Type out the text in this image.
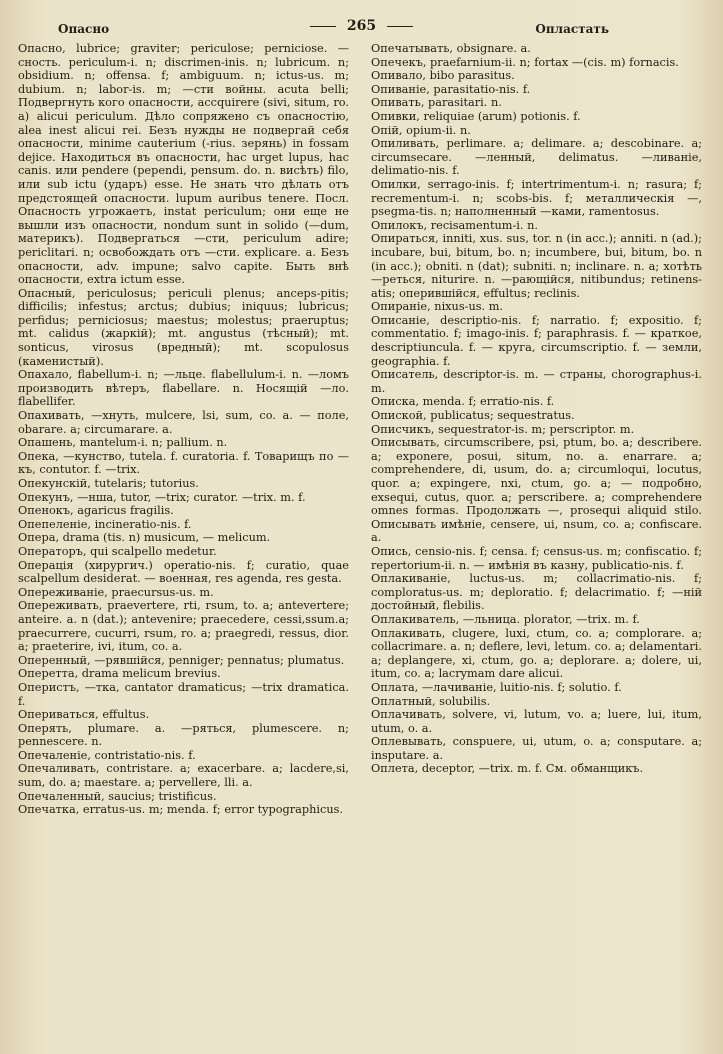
Опасно	265	Опластать

Опасно, lubrice; graviter; periculose; perniciose. —сность. periculum-i. n; discrimen-inis. n; lubricum. n; obsidium. n; offensa. f; ambiguum. n; ictus-us. m; dubium. n; labor-is. m; —сти войны. acuta belli; Подвергнуть кого опасности, accquirere (sivi, situm, ro. a) alicui periculum. Дѣло сопряжено съ опасностію, alea inest alicui rei. Безъ нужды не подвергай себя опасности, minime cauterium (-rius. зерянь) in fossam dejice. Находиться въ опасности, hac urget lupus, hac canis. или pendere (pependi, pensum. do. n. висѣть) filo, или sub ictu (ударъ) esse. Не знать что дѣлать отъ предстоящей опасности. lupum auribus tenere. Посл. Опасность угрожаетъ, instat periculum; они еще не вышли изъ опасности, nondum sunt in solido (—dum, материкъ). Подвергаться —сти, periculum adire; periclitari. n; освобождать отъ —сти. explicare. a. Безъ опасности, adv. impune; salvo capite. Быть внѣ опасности, extra ictum esse.

Опасный, periculosus; periculi plenus; anceps-pitis; difficilis; infestus; arctus; dubius; iniquus; lubricus; perfidus; perniciosus; maestus; molestus; praeruptus; mt. calidus (жаркій); mt. angustus (тѣсный); mt. sonticus, virosus (вредный); mt. scopulosus (каменистый).

Опахало, flabellum-i. n; —льце. flabellulum-i. n. —ломъ производить вѣтеръ, flabellare. n. Носящій —ло. flabellifer.

Опахивать, —хнуть, mulcere, lsi, sum, co. a. — поле, obarare. a; circumarare. a.

Опашень, mantelum-i. n; pallium. n.

Опека, —кунство, tutela. f. curatoria. f. Товарищъ по —къ, contutor. f. —trix.

Опекунскій, tutelaris; tutorius.

Опекунъ, —нша, tutor, —trix; curator. —trix. m. f.

Опенокъ, agaricus fragilis.

Опепеленіе, incineratio-nis. f.

Опера, drama (tis. n) musicum, — melicum.

Операторъ, qui scalpello medetur.

Операція (хирургич.) operatio-nis. f; curatio, quae scalpellum desiderat. — военная, res agenda, res gesta.

Опереживаніе, praecursus-us. m.

Опереживать, praevertere, rti, rsum, to. a; antevertere; anteire. a. n (dat.); antevenire; praecedere, cessi,ssum.a; praecurrere, cucurri, rsum, ro. a; praegredi, ressus, dior. a; praeterire, ivi, itum, co. a.

Оперенный, —рявшійся, penniger; pennatus; plumatus.

Оперетта, drama melicum brevius.

Оперистъ, —тка, cantator dramaticus; —trix dramatica. f.

Опериваться, effultus.

Оперять, plumare. a. —ряться, plumescere. n; pennescere. n.

Опечаленіе, contristatio-nis. f.

Опечаливать, contristare. a; exacerbare. a; lacdere,si, sum, do. a; maestare. a; pervellere, lli. a.

Опечаленный, saucius; tristificus.

Опечатка, erratus-us. m; menda. f; error typographicus.

Опечатывать, obsignare. a.

Опечекъ, praefarnium-ii. n; fortax —(cis. m) fornacis.

Опивало, bibo parasitus.

Опиваніе, parasitatio-nis. f.

Опивать, parasitari. n.

Опивки, reliquiae (arum) potionis. f.

Опій, opium-ii. n.

Опиливать, perlimare. a; delimare. a; descobinare. a; circumsecare. —ленный, delimatus. —ливаніе, delimatio-nis. f.

Опилки, serrago-inis. f; intertrimentum-i. n; rasura; f; recrementum-i. n; scobs-bis. f; металлическія —, psegma-tis. n; наполненный —ками, ramentosus.

Опилокъ, recisamentum-i. n.

Опираться, inniti, xus. sus, tor. n (in acc.); anniti. n (ad.); incubare, bui, bitum, bo. n; incumbere, bui, bitum, bo. n (in acc.); obniti. n (dat); subniti. n; inclinare. n. a; хотѣть —реться, niturire. n. —рающійся, nitibundus; retinens-atis; оперившійся, effultus; reclinis.

Опираніе, nixus-us. m.

Описаніе, descriptio-nis. f; narratio. f; expositio. f; commentatio. f; imago-inis. f; paraphrasis. f. — краткое, descriptiuncula. f. — круга, circumscriptio. f. — земли, geographia. f.

Описатель, descriptor-is. m. — страны, chorographus-i. m.

Описка, menda. f; erratio-nis. f.

Опиской, publicatus; sequestratus.

Описчикъ, sequestrator-is. m; perscriptor. m.

Описывать, circumscribere, psi, ptum, bo. a; describere. a; exponere, posui, situm, no. a. enarrare. a; comprehendere, di, usum, do. a; circumloqui, locutus, quor. a; expingere, nxi, ctum, go. a; — подробно, exsequi, cutus, quor. a; perscribere. a; comprehendere omnes formas. Продолжать —, prosequi aliquid stilo. Описывать имѣніе, censere, ui, nsum, co. a; confiscare. a.

Опись, censio-nis. f; censa. f; census-us. m; confiscatio. f; repertorium-ii. n. — имѣнія въ казну, publicatio-nis. f.

Оплакиваніе, luctus-us. m; collacrimatio-nis. f; comploratus-us. m; deploratio. f; delacrimatio. f; —ній достойный, flebilis.

Оплакиватель, —льница. plorator, —trix. m. f.

Оплакивать, clugere, luxi, ctum, co. a; complorare. a; collacrimare. a. n; deflere, levi, letum. co. a; delamentari. a; deplangere, xi, ctum, go. a; deplorare. a; dolere, ui, itum, co. a; lacrymam dare alicui.

Оплата, —лачиваніе, luitio-nis. f; solutio. f.

Оплатный, solubilis.

Оплачивать, solvere, vi, lutum, vo. a; luere, lui, itum, utum, o. a.

Оплевывать, conspuere, ui, utum, o. a; consputare. a; insputare. a.

Оплета, deceptor, —trix. m. f. См. обманщикъ.
